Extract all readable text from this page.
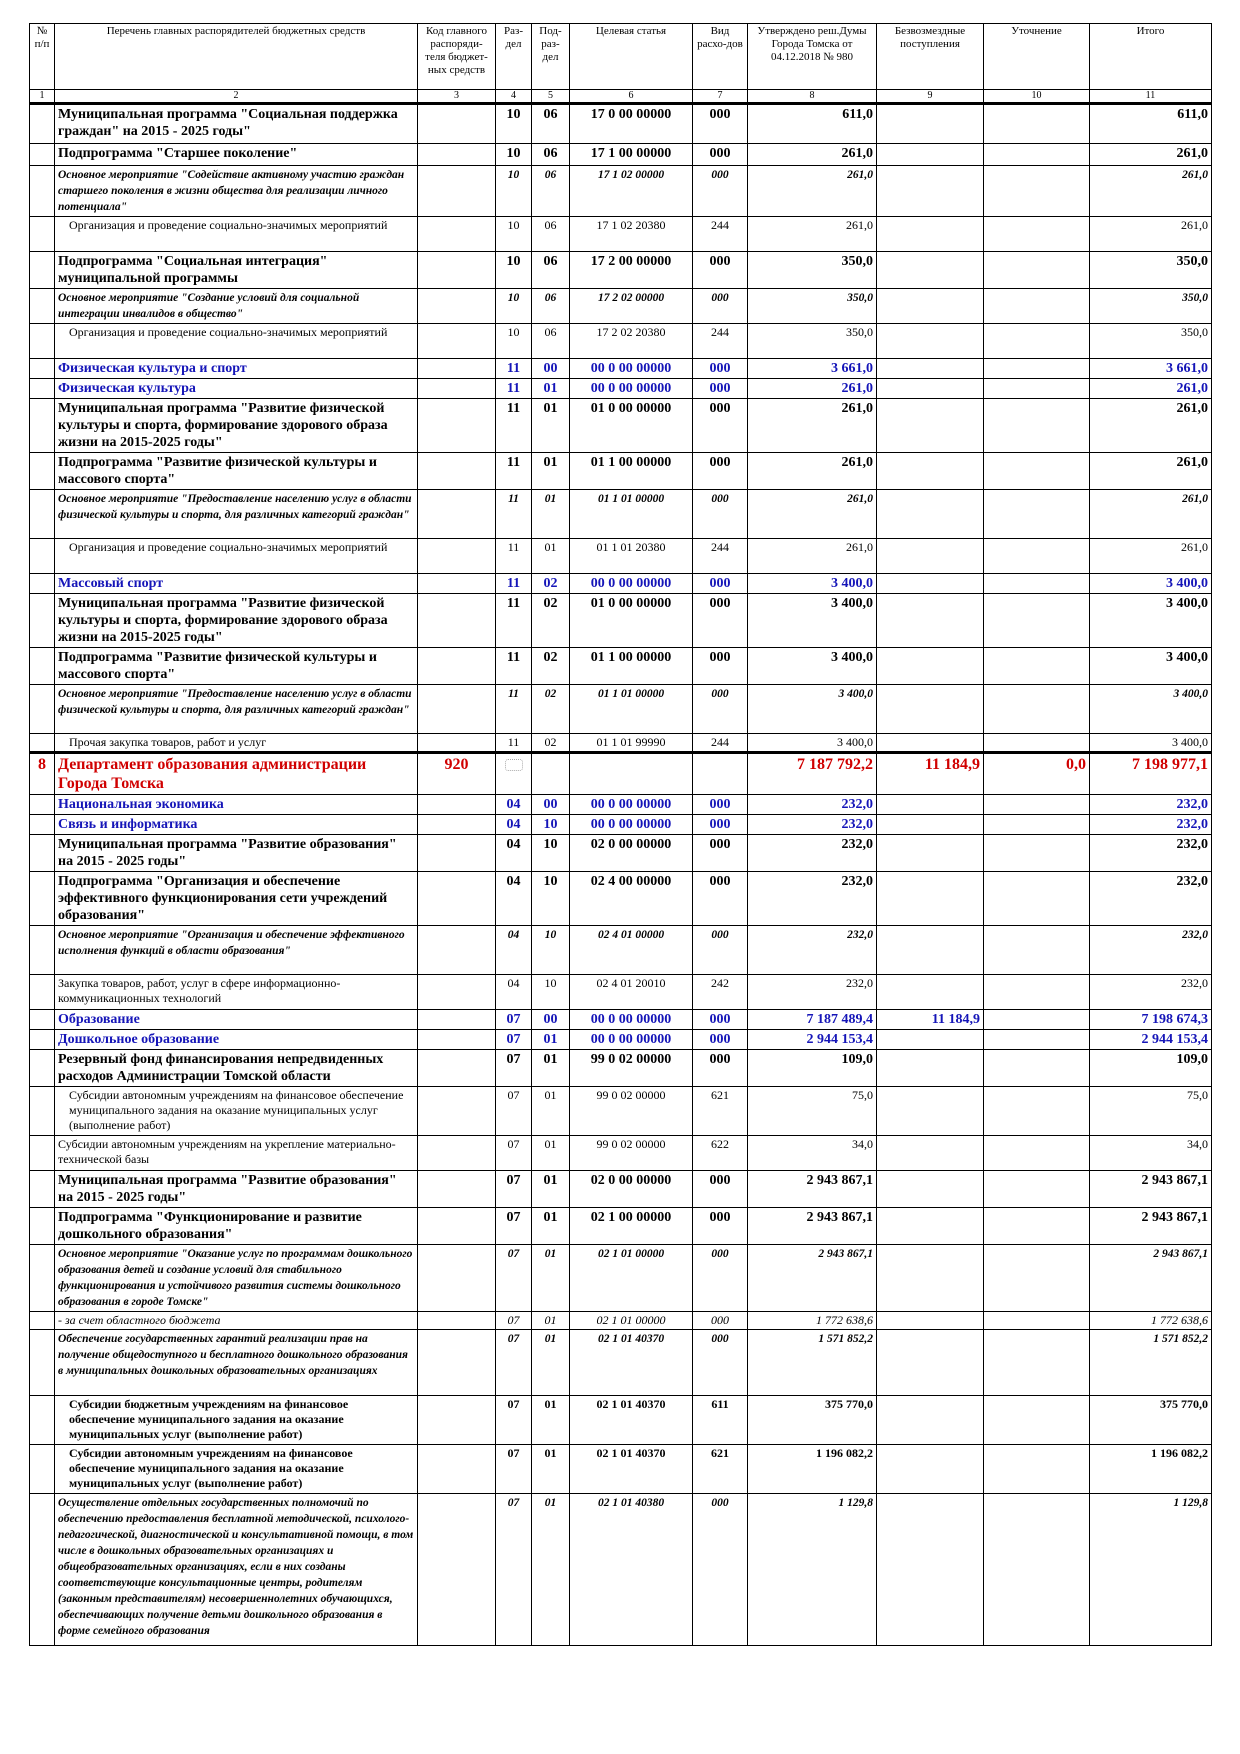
№ п/п	Перечень главных распорядителей бюджетных средств	Код главного распоряди-теля бюджет-ных средств	Раз-дел	Под-раз-дел	Целевая статья	Вид расхо-дов	Утверждено реш.Думы Города Томска от 04.12.2018 № 980	Безвозмездные поступления	Уточнение	Итого
1	2	3	4	5	6	7	8	9	10	11
	Муниципальная программа "Социальная поддержка граждан" на 2015 - 2025 годы"		10	06	17 0 00 00000	000	611,0			611,0
	Подпрограмма "Старшее поколение"		10	06	17 1 00 00000	000	261,0			261,0
	Основное мероприятие "Содействие активному участию граждан старшего поколения в жизни общества для реализации личного потенциала"		10	06	17 1 02 00000	000	261,0			261,0
	Организация и проведение социально-значимых мероприятий		10	06	17 1 02 20380	244	261,0			261,0
	Подпрограмма "Социальная интеграция" муниципальной программы		10	06	17 2 00 00000	000	350,0			350,0
	Основное мероприятие "Создание условий для социальной интеграции инвалидов в общество"		10	06	17 2 02 00000	000	350,0			350,0
	Организация и проведение социально-значимых мероприятий		10	06	17 2 02 20380	244	350,0			350,0
	Физическая культура и спорт		11	00	00 0 00 00000	000	3 661,0			3 661,0
	Физическая культура		11	01	00 0 00 00000	000	261,0			261,0
	Муниципальная программа "Развитие физической культуры и спорта, формирование здорового образа жизни на 2015-2025 годы"		11	01	01 0 00 00000	000	261,0			261,0
	Подпрограмма "Развитие физической культуры и массового спорта"		11	01	01 1 00 00000	000	261,0			261,0
	Основное мероприятие "Предоставление населению услуг в области физической культуры и спорта, для различных категорий граждан"		11	01	01 1 01 00000	000	261,0			261,0
	Организация и проведение социально-значимых мероприятий		11	01	01 1 01 20380	244	261,0			261,0
	Массовый спорт		11	02	00 0 00 00000	000	3 400,0			3 400,0
	Муниципальная программа "Развитие физической культуры и спорта, формирование здорового образа жизни на 2015-2025 годы"		11	02	01 0 00 00000	000	3 400,0			3 400,0
	Подпрограмма "Развитие физической культуры и массового спорта"		11	02	01 1 00 00000	000	3 400,0			3 400,0
	Основное мероприятие "Предоставление населению услуг в области физической культуры и спорта, для различных категорий граждан"		11	02	01 1 01 00000	000	3 400,0			3 400,0
	Прочая закупка товаров, работ и услуг		11	02	01 1 01 99990	244	3 400,0			3 400,0
8	Департамент образования администрации Города Томска	920					7 187 792,2	11 184,9	0,0	7 198 977,1
	Национальная экономика		04	00	00 0 00 00000	000	232,0			232,0
	Связь и информатика		04	10	00 0 00 00000	000	232,0			232,0
	Муниципальная программа "Развитие образования" на 2015 - 2025 годы"		04	10	02 0 00 00000	000	232,0			232,0
	Подпрограмма "Организация и обеспечение эффективного функционирования сети учреждений образования"		04	10	02 4 00 00000	000	232,0			232,0
	Основное мероприятие "Организация и обеспечение эффективного исполнения функций в области образования"		04	10	02 4 01 00000	000	232,0			232,0
	Закупка товаров, работ, услуг в сфере информационно-коммуникационных технологий		04	10	02 4 01 20010	242	232,0			232,0
	Образование		07	00	00 0 00 00000	000	7 187 489,4	11 184,9		7 198 674,3
	Дошкольное образование		07	01	00 0 00 00000	000	2 944 153,4			2 944 153,4
	Резервный фонд финансирования непредвиденных расходов Администрации Томской области		07	01	99 0 02 00000	000	109,0			109,0
	Субсидии автономным учреждениям на финансовое обеспечение муниципального задания на оказание муниципальных услуг (выполнение работ)		07	01	99 0 02 00000	621	75,0			75,0
	Субсидии автономным учреждениям на укрепление материально-технической базы		07	01	99 0 02 00000	622	34,0			34,0
	Муниципальная программа "Развитие образования" на 2015 - 2025 годы"		07	01	02 0 00 00000	000	2 943 867,1			2 943 867,1
	Подпрограмма "Функционирование и развитие дошкольного образования"		07	01	02 1 00 00000	000	2 943 867,1			2 943 867,1
	Основное мероприятие "Оказание услуг по программам дошкольного образования детей и создание условий для стабильного функционирования и устойчивого развития системы дошкольного образования в городе Томске"		07	01	02 1 01 00000	000	2 943 867,1			2 943 867,1
	- за счет областного бюджета		07	01	02 1 01 00000	000	1 772 638,6			1 772 638,6
	Обеспечение государственных гарантий реализации прав на получение общедоступного и бесплатного дошкольного образования в муниципальных дошкольных образовательных организациях		07	01	02 1 01 40370	000	1 571 852,2			1 571 852,2
	Субсидии бюджетным учреждениям на финансовое обеспечение муниципального задания на оказание муниципальных услуг (выполнение работ)		07	01	02 1 01 40370	611	375 770,0			375 770,0
	Субсидии автономным учреждениям на финансовое обеспечение муниципального задания на оказание муниципальных услуг (выполнение работ)		07	01	02 1 01 40370	621	1 196 082,2			1 196 082,2
	Осуществление отдельных государственных полномочий по обеспечению предоставления бесплатной методической, психолого-педагогической, диагностической и консультативной помощи, в том числе в дошкольных образовательных организациях и общеобразовательных организациях, если в них созданы соответствующие консультационные центры, родителям (законным представителям) несовершеннолетних обучающихся, обеспечивающих получение детьми дошкольного образования в форме семейного образования		07	01	02 1 01 40380	000	1 129,8			1 129,8
